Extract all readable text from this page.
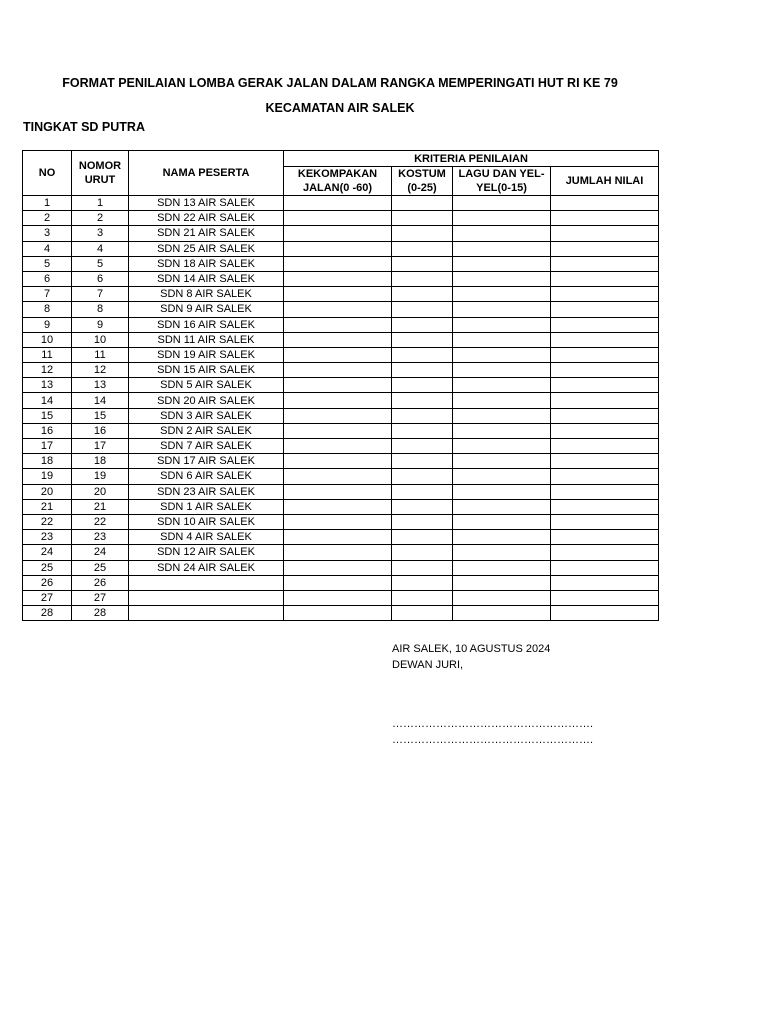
FORMAT PENILAIAN LOMBA GERAK JALAN DALAM RANGKA MEMPERINGATI HUT RI KE 79
KECAMATAN AIR SALEK
TINGKAT SD PUTRA
NO	NOMOR URUT	NAMA PESERTA	KRITERIA PENILAIAN			
			KEKOMPAKAN JALAN(0 -60)	KOSTUM (0-25)	LAGU DAN YEL-YEL(0-15)	JUMLAH NILAI
1	1	SDN 13 AIR SALEK				
2	2	SDN 22 AIR SALEK				
3	3	SDN 21 AIR SALEK				
4	4	SDN 25 AIR SALEK				
5	5	SDN 18 AIR SALEK				
6	6	SDN 14 AIR SALEK				
7	7	SDN 8 AIR SALEK				
8	8	SDN 9 AIR SALEK				
9	9	SDN 16 AIR SALEK				
10	10	SDN 11 AIR SALEK				
11	11	SDN 19 AIR SALEK				
12	12	SDN 15 AIR SALEK				
13	13	SDN 5 AIR SALEK				
14	14	SDN 20 AIR SALEK				
15	15	SDN 3 AIR SALEK				
16	16	SDN 2 AIR SALEK				
17	17	SDN 7 AIR SALEK				
18	18	SDN 17 AIR SALEK				
19	19	SDN 6 AIR SALEK				
20	20	SDN 23 AIR SALEK				
21	21	SDN 1 AIR SALEK				
22	22	SDN 10 AIR SALEK				
23	23	SDN 4 AIR SALEK				
24	24	SDN 12 AIR SALEK				
25	25	SDN 24 AIR SALEK				
26	26					
27	27					
28	28					
AIR SALEK, 10 AGUSTUS 2024
DEWAN JURI,
……………………………………………….
……………………………………………….
